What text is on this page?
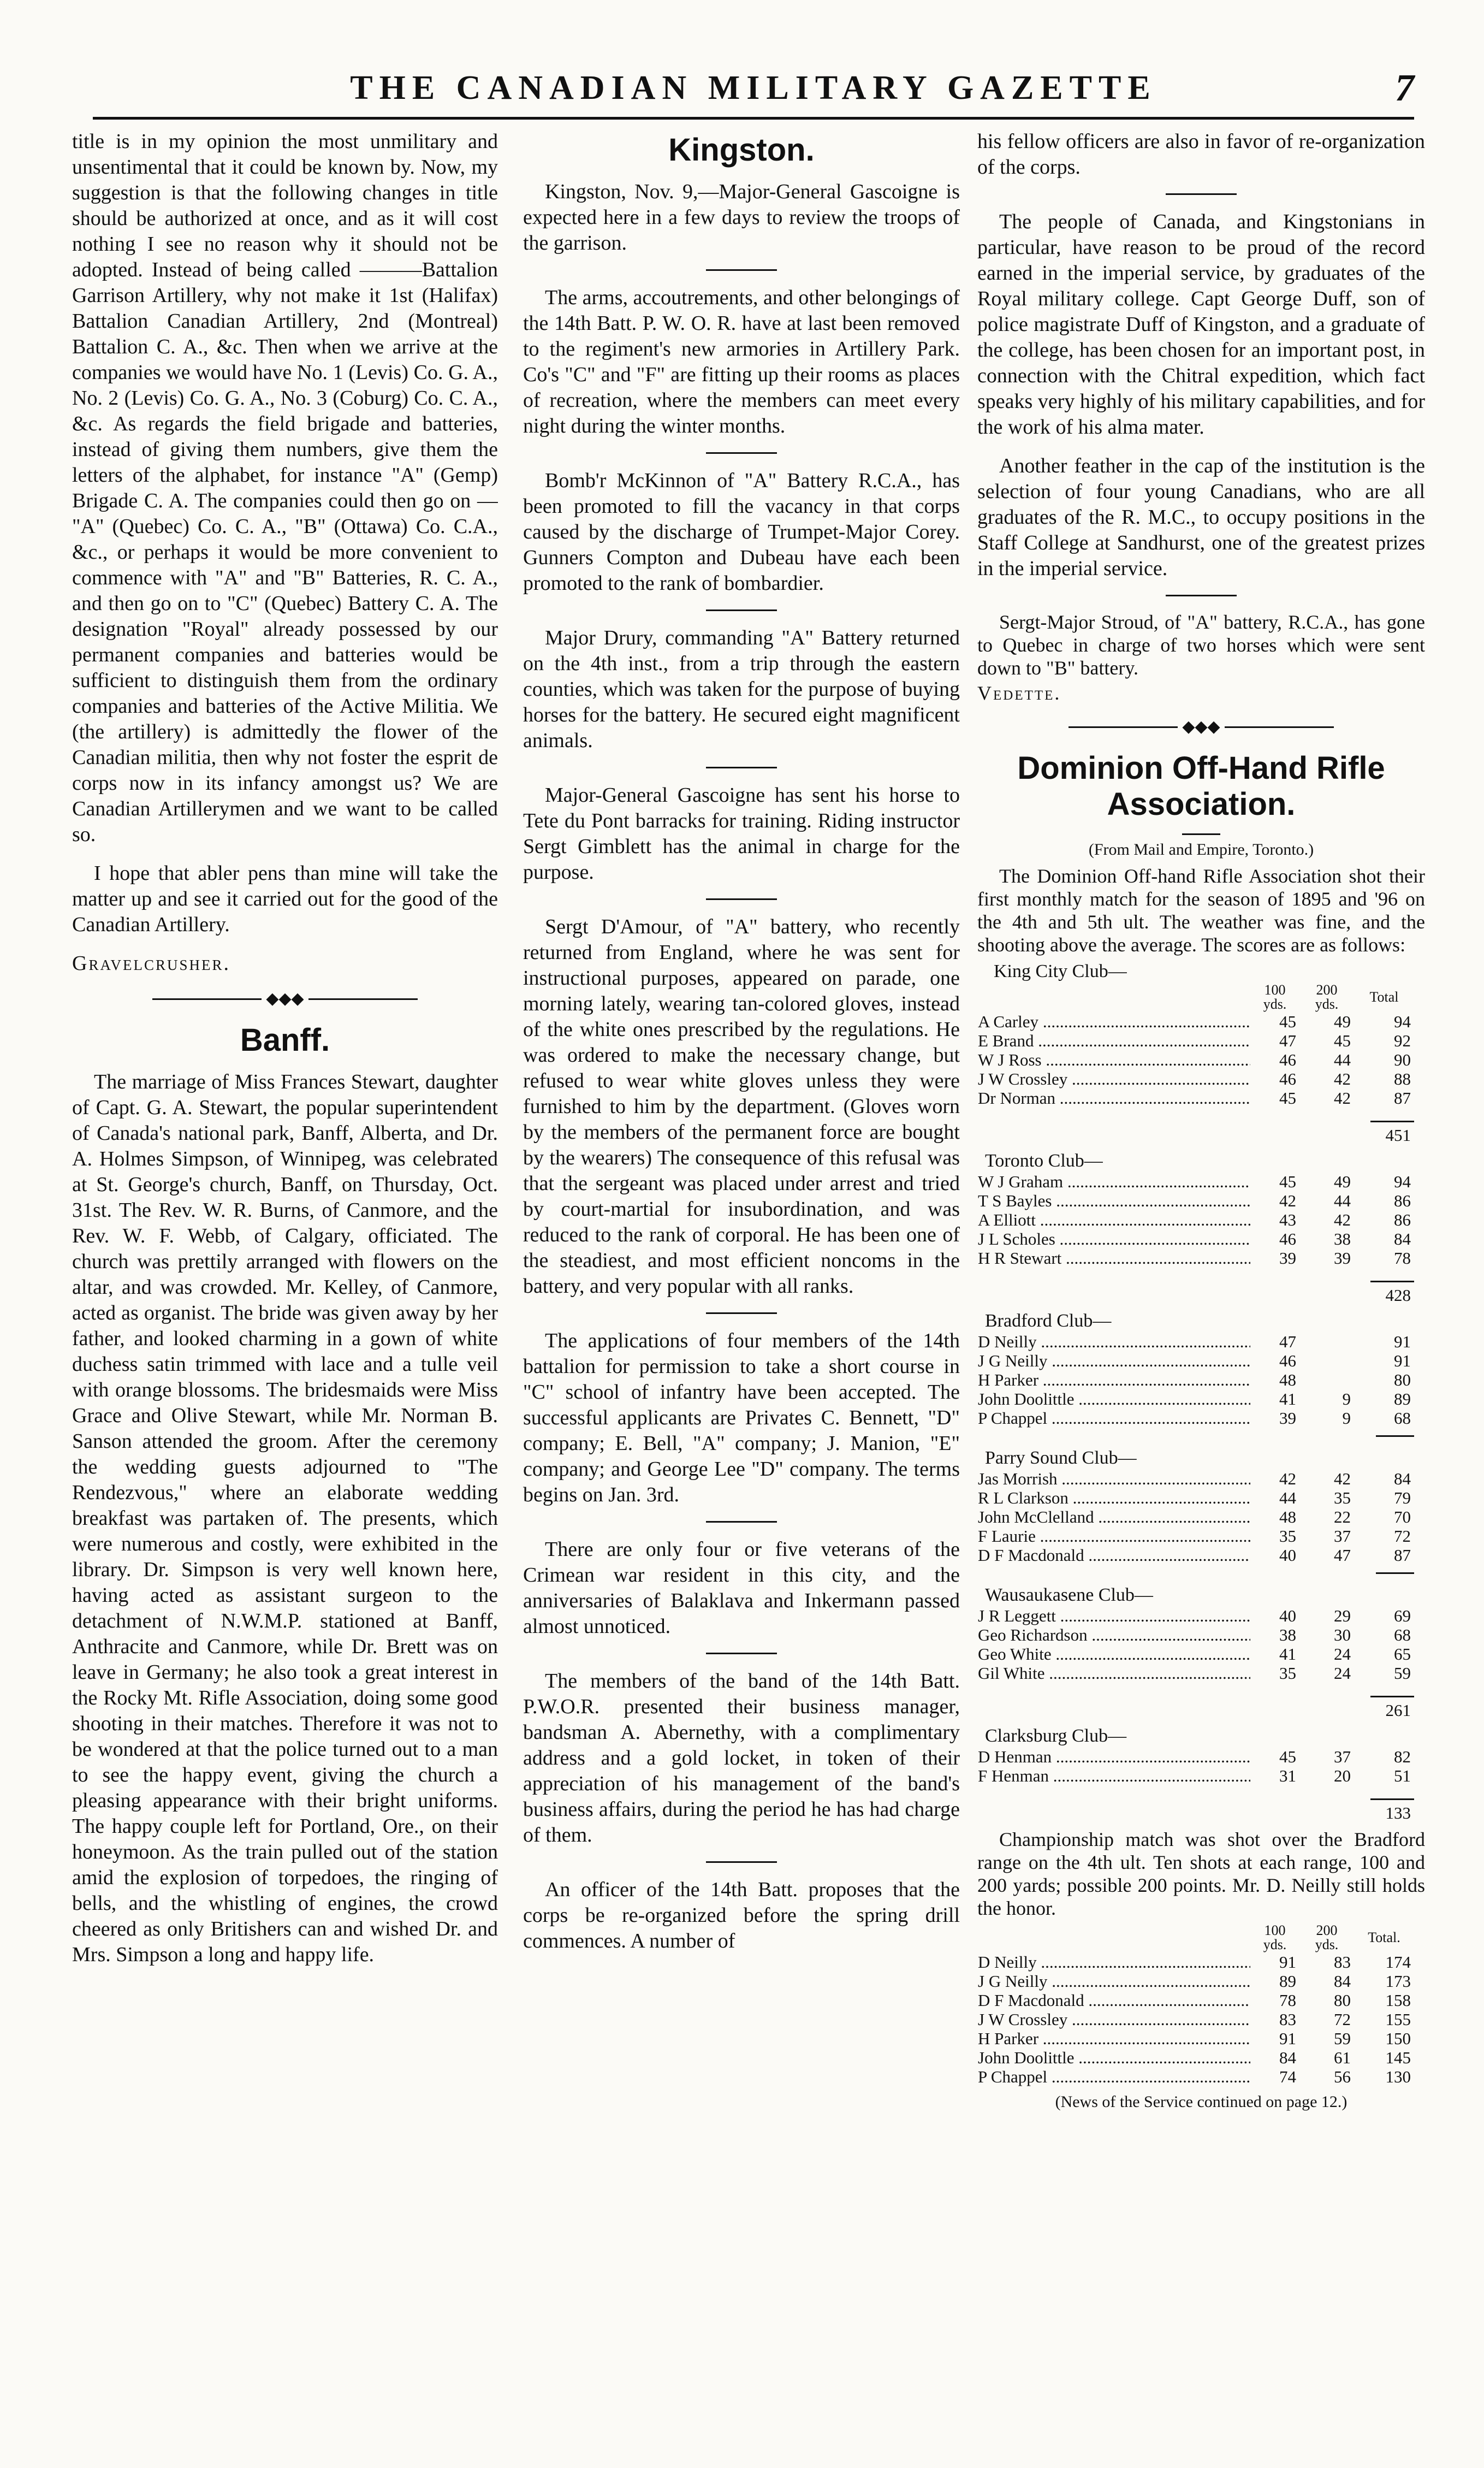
THE CANADIAN MILITARY GAZETTE	7

title is in my opinion the most unmilitary and unsentimental that it could be known by. Now, my suggestion is that the following changes in title should be authorized at once, and as it will cost nothing I see no reason why it should not be adopted. Instead of being called ———Battalion Garrison Artillery, why not make it 1st (Halifax) Battalion Canadian Artillery, 2nd (Montreal) Battalion C. A., &c. Then when we arrive at the companies we would have No. 1 (Levis) Co. G. A., No. 2 (Levis) Co. G. A., No. 3 (Coburg) Co. C. A., &c. As regards the field brigade and batteries, instead of giving them numbers, give them the letters of the alphabet, for instance "A" (Gemp) Brigade C. A. The companies could then go on — "A" (Quebec) Co. C. A., "B" (Ottawa) Co. C.A., &c., or perhaps it would be more convenient to commence with "A" and "B" Batteries, R. C. A., and then go on to "C" (Quebec) Battery C. A. The designation "Royal" already possessed by our permanent companies and batteries would be sufficient to distinguish them from the ordinary companies and batteries of the Active Militia. We (the artillery) is admittedly the flower of the Canadian militia, then why not foster the esprit de corps now in its infancy amongst us? We are Canadian Artillerymen and we want to be called so.

I hope that abler pens than mine will take the matter up and see it carried out for the good of the Canadian Artillery.

Gravelcrusher.

◆◆◆
Banff.

The marriage of Miss Frances Stewart, daughter of Capt. G. A. Stewart, the popular superintendent of Canada's national park, Banff, Alberta, and Dr. A. Holmes Simpson, of Winnipeg, was celebrated at St. George's church, Banff, on Thursday, Oct. 31st. The Rev. W. R. Burns, of Canmore, and the Rev. W. F. Webb, of Calgary, officiated. The church was prettily arranged with flowers on the altar, and was crowded. Mr. Kelley, of Canmore, acted as organist. The bride was given away by her father, and looked charming in a gown of white duchess satin trimmed with lace and a tulle veil with orange blossoms. The bridesmaids were Miss Grace and Olive Stewart, while Mr. Norman B. Sanson attended the groom. After the ceremony the wedding guests adjourned to "The Rendezvous," where an elaborate wedding breakfast was partaken of. The presents, which were numerous and costly, were exhibited in the library. Dr. Simpson is very well known here, having acted as assistant surgeon to the detachment of N.W.M.P. stationed at Banff, Anthracite and Canmore, while Dr. Brett was on leave in Germany; he also took a great interest in the Rocky Mt. Rifle Association, doing some good shooting in their matches. Therefore it was not to be wondered at that the police turned out to a man to see the happy event, giving the church a pleasing appearance with their bright uniforms. The happy couple left for Portland, Ore., on their honeymoon. As the train pulled out of the station amid the explosion of torpedoes, the ringing of bells, and the whistling of engines, the crowd cheered as only Britishers can and wished Dr. and Mrs. Simpson a long and happy life.

Kingston.

Kingston, Nov. 9,—Major-General Gascoigne is expected here in a few days to review the troops of the garrison.

The arms, accoutrements, and other belongings of the 14th Batt. P. W. O. R. have at last been removed to the regiment's new armories in Artillery Park. Co's "C" and "F" are fitting up their rooms as places of recreation, where the members can meet every night during the winter months.

Bomb'r McKinnon of "A" Battery R.C.A., has been promoted to fill the vacancy in that corps caused by the discharge of Trumpet-Major Corey. Gunners Compton and Dubeau have each been promoted to the rank of bombardier.

Major Drury, commanding "A" Battery returned on the 4th inst., from a trip through the eastern counties, which was taken for the purpose of buying horses for the battery. He secured eight magnificent animals.

Major-General Gascoigne has sent his horse to Tete du Pont barracks for training. Riding instructor Sergt Gimblett has the animal in charge for the purpose.

Sergt D'Amour, of "A" battery, who recently returned from England, where he was sent for instructional purposes, appeared on parade, one morning lately, wearing tan-colored gloves, instead of the white ones prescribed by the regulations. He was ordered to make the necessary change, but refused to wear white gloves unless they were furnished to him by the department. (Gloves worn by the members of the permanent force are bought by the wearers) The consequence of this refusal was that the sergeant was placed under arrest and tried by court-martial for insubordination, and was reduced to the rank of corporal. He has been one of the steadiest, and most efficient noncoms in the battery, and very popular with all ranks.

The applications of four members of the 14th battalion for permission to take a short course in "C" school of infantry have been accepted. The successful applicants are Privates C. Bennett, "D" company; E. Bell, "A" company; J. Manion, "E" company; and George Lee "D" company. The terms begins on Jan. 3rd.

There are only four or five veterans of the Crimean war resident in this city, and the anniversaries of Balaklava and Inkermann passed almost unnoticed.

The members of the band of the 14th Batt. P.W.O.R. presented their business manager, bandsman A. Abernethy, with a complimentary address and a gold locket, in token of their appreciation of his management of the band's business affairs, during the period he has had charge of them.

An officer of the 14th Batt. proposes that the corps be re-organized before the spring drill commences. A number of

his fellow officers are also in favor of re-organization of the corps.

The people of Canada, and Kingstonians in particular, have reason to be proud of the record earned in the imperial service, by graduates of the Royal military college. Capt George Duff, son of police magistrate Duff of Kingston, and a graduate of the college, has been chosen for an important post, in connection with the Chitral expedition, which fact speaks very highly of his military capabilities, and for the work of his alma mater.

Another feather in the cap of the institution is the selection of four young Canadians, who are all graduates of the R. M.C., to occupy positions in the Staff College at Sandhurst, one of the greatest prizes in the imperial service.

Sergt-Major Stroud, of "A" battery, R.C.A., has gone to Quebec in charge of two horses which were sent down to "B" battery.

Vedette.

◆◆◆
Dominion Off-Hand Rifle Association.
(From Mail and Empire, Toronto.)

The Dominion Off-hand Rifle Association shot their first monthly match for the season of 1895 and '96 on the 4th and 5th ult. The weather was fine, and the shooting above the average. The scores are as follows:

King City Club—
	100
yds.	200
yds.	Total
A Carley .....	45	49	94
E Brand .....	47	45	92
W J Ross .....	46	44	90
J W Crossley .....	46	42	88
Dr Norman .....	45	42	87
451
Toronto Club—
W J Graham .....	45	49	94
T S Bayles .....	42	44	86
A Elliott .....	43	42	86
J L Scholes .....	46	38	84
H R Stewart .....	39	39	78
428
Bradford Club—
D Neilly .....	47		91
J G Neilly .....	46		91
H Parker .....	48		80
John Doolittle .....	41	9	89
P Chappel .....	39	9	68
Parry Sound Club—
Jas Morrish .....	42	42	84
R L Clarkson .....	44	35	79
John McClelland .....	48	22	70
F Laurie .....	35	37	72
D F Macdonald .....	40	47	87
Wausaukasene Club—
J R Leggett .....	40	29	69
Geo Richardson .....	38	30	68
Geo White .....	41	24	65
Gil White .....	35	24	59
261
Clarksburg Club—
D Henman .....	45	37	82
F Henman .....	31	20	51
133

Championship match was shot over the Bradford range on the 4th ult. Ten shots at each range, 100 and 200 yards; possible 200 points. Mr. D. Neilly still holds the honor.

	100
yds.	200
yds.	Total.
D Neilly .....	91	83	174
J G Neilly .....	89	84	173
D F Macdonald .....	78	80	158
J W Crossley .....	83	72	155
H Parker .....	91	59	150
John Doolittle .....	84	61	145
P Chappel .....	74	56	130
(News of the Service continued on page 12.)
